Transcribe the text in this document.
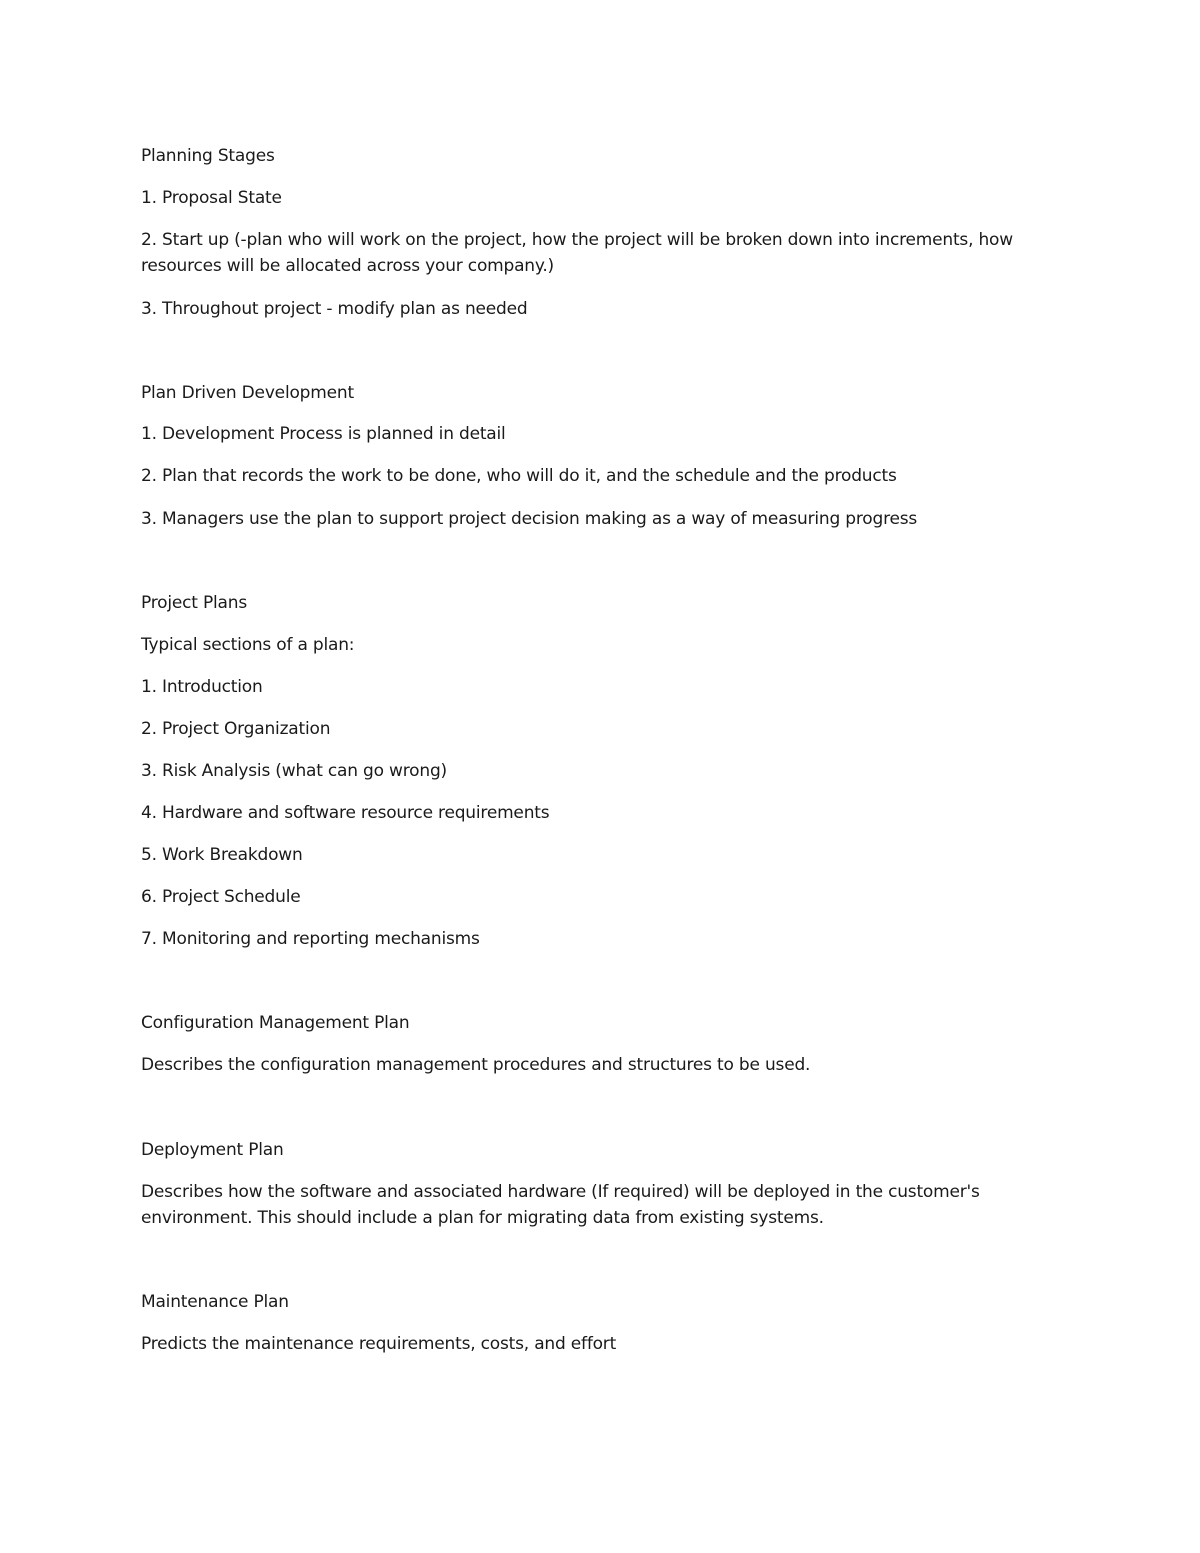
Planning Stages
1. Proposal State
2. Start up (-plan who will work on the project, how the project will be broken down into increments, how resources will be allocated across your company.)
3. Throughout project - modify plan as needed
Plan Driven Development
1. Development Process is planned in detail
2. Plan that records the work to be done, who will do it, and the schedule and the products
3. Managers use the plan to support project decision making as a way of measuring progress
Project Plans
Typical sections of a plan:
1. Introduction
2. Project Organization
3. Risk Analysis (what can go wrong)
4. Hardware and software resource requirements
5. Work Breakdown
6. Project Schedule
7. Monitoring and reporting mechanisms
Configuration Management Plan
Describes the configuration management procedures and structures to be used.
Deployment Plan
Describes how the software and associated hardware (If required) will be deployed in the customer's environment. This should include a plan for migrating data from existing systems.
Maintenance Plan
Predicts the maintenance requirements, costs, and effort
